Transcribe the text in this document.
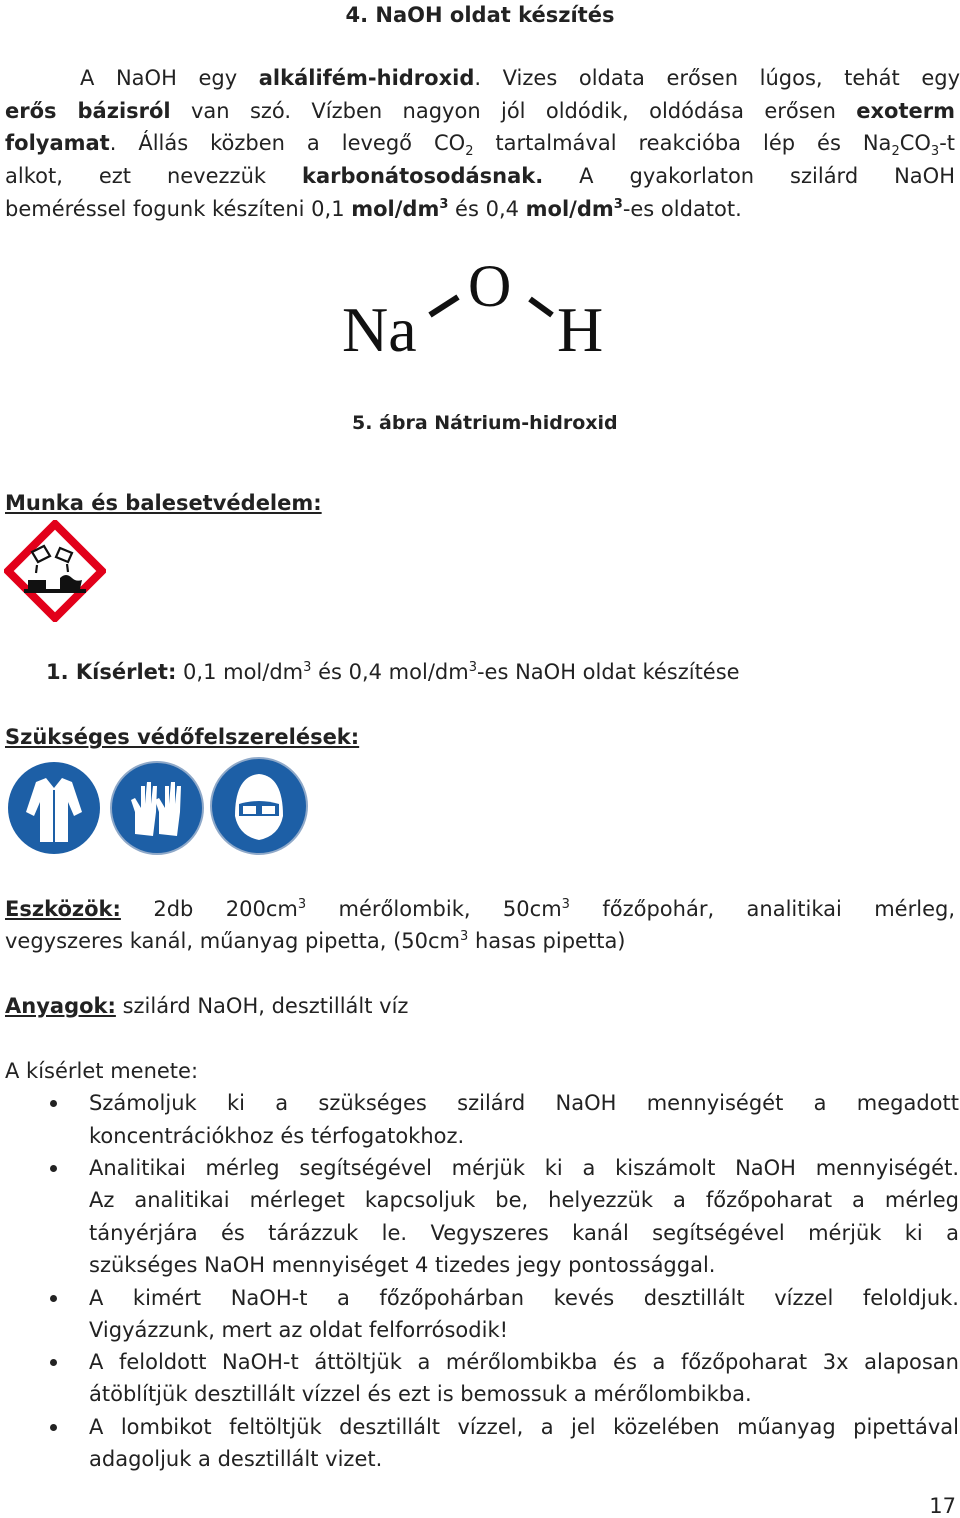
4. NaOH oldat készítés
A NaOH egy alkálifém-hidroxid. Vizes oldata erősen lúgos, tehát egy
erős bázisról van szó. Vízben nagyon jól oldódik, oldódása erősen exoterm
folyamat. Állás közben a levegő $CO_2$ tartalmával reakcióba lép és $Na_2CO_3-t$
alkot, ezt nevezzük karbonátosodásnak. A gyakorlaton szilárd NaOH
beméréssel fogunk készíteni 0,1 mol/$dm^3$ és 0,4 mol/$dm^3-es$ oldatot.
Na
O
H
5. ábra Nátrium-hidroxid
Munka és balesetvédelem:
1. Kísérlet: 0,1 mol/$dm^3$ és 0,4 mol/$dm^3-es$ NaOH oldat készítése
Szükséges védőfelszerelések:
Eszközök: 2db $200cm^3$ mérőlombik, $50cm^3$ főzőpohár, analitikai mérleg,
vegyszeres kanál, műanyag pipetta, ($50cm^3$ hasas pipetta)
Anyagok: szilárd NaOH, desztillált víz
A kísérlet menete:
Számoljuk ki a szükséges szilárd NaOH mennyiségét a megadott
koncentrációkhoz és térfogatokhoz.
Analitikai mérleg segítségével mérjük ki a kiszámolt NaOH mennyiségét.
Az analitikai mérleget kapcsoljuk be, helyezzük a főzőpoharat a mérleg
tányérjára és tárázzuk le. Vegyszeres kanál segítségével mérjük ki a
szükséges NaOH mennyiséget 4 tizedes jegy pontossággal.
A kimért NaOH-t a főzőpohárban kevés desztillált vízzel feloldjuk.
Vigyázzunk, mert az oldat felforrósodik!
A feloldott NaOH-t áttöltjük a mérőlombikba és a főzőpoharat 3x alaposan
átöblítjük desztillált vízzel és ezt is bemossuk a mérőlombikba.
A lombikot feltöltjük desztillált vízzel, a jel közelében műanyag pipettával
adagoljuk a desztillált vizet.
17
